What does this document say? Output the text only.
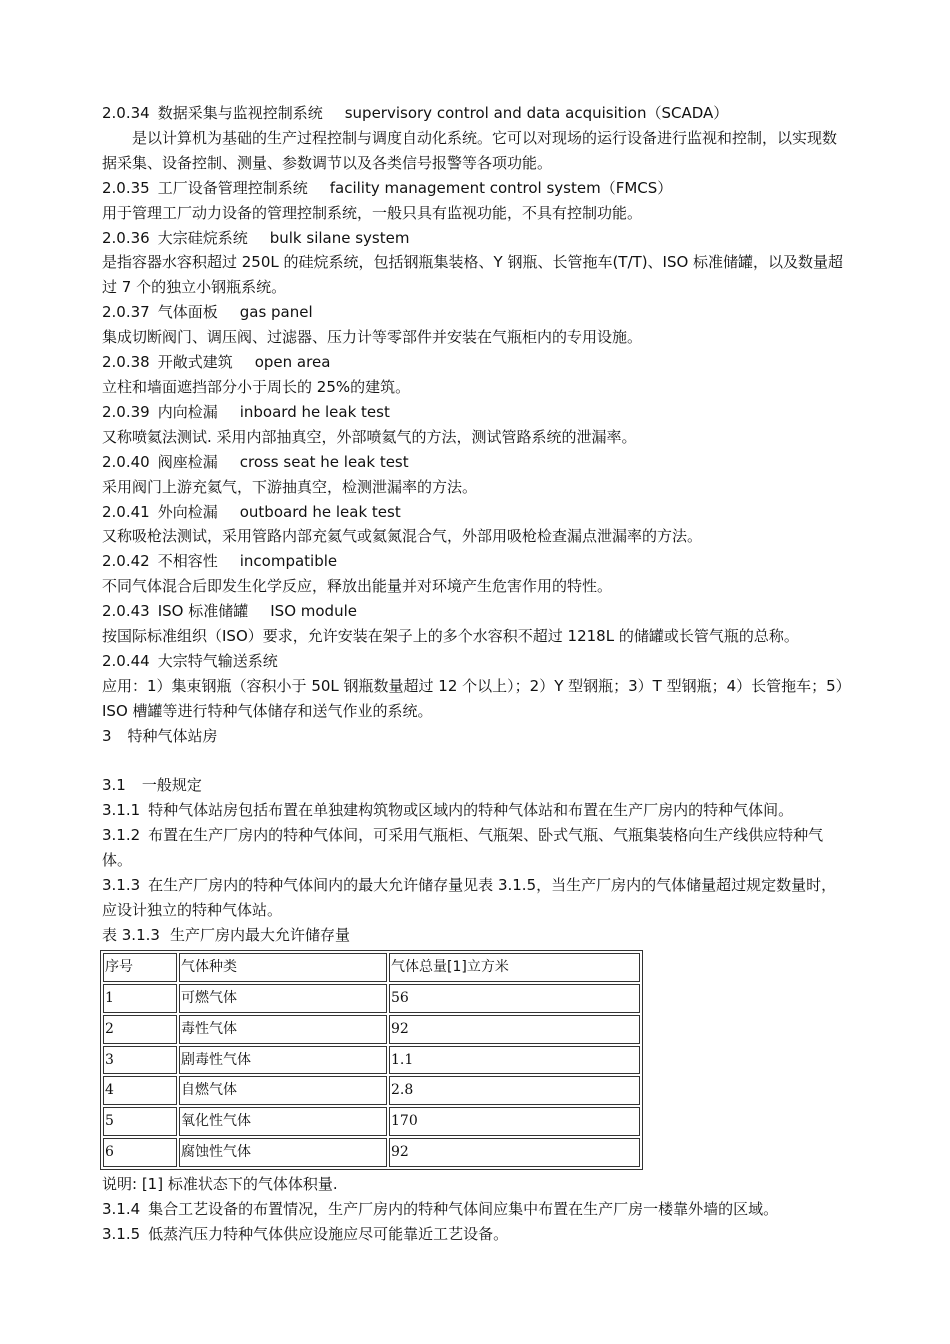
2.0.34 数据采集与监视控制系统 supervisory control and data acquisition（SCADA）
是以计算机为基础的生产过程控制与调度自动化系统。它可以对现场的运行设备进行监视和控制，以实现数据采集、设备控制、测量、参数调节以及各类信号报警等各项功能。
2.0.35 工厂设备管理控制系统 facility management control system（FMCS）
用于管理工厂动力设备的管理控制系统，一般只具有监视功能，不具有控制功能。
2.0.36 大宗硅烷系统 bulk silane system
是指容器水容积超过 250L 的硅烷系统，包括钢瓶集装格、Y 钢瓶、长管拖车(T/T)、ISO 标准储罐，以及数量超过 7 个的独立小钢瓶系统。
2.0.37 气体面板 gas panel
集成切断阀门、调压阀、过滤器、压力计等零部件并安装在气瓶柜内的专用设施。
2.0.38 开敞式建筑 open area
立柱和墙面遮挡部分小于周长的 25%的建筑。
2.0.39 内向检漏 inboard he leak test
又称喷氦法测试. 采用内部抽真空，外部喷氦气的方法，测试管路系统的泄漏率。
2.0.40 阀座检漏 cross seat he leak test
采用阀门上游充氦气，下游抽真空，检测泄漏率的方法。
2.0.41 外向检漏 outboard he leak test
又称吸枪法测试，采用管路内部充氦气或氦氮混合气，外部用吸枪检查漏点泄漏率的方法。
2.0.42 不相容性 incompatible
不同气体混合后即发生化学反应，释放出能量并对环境产生危害作用的特性。
2.0.43 ISO 标准储罐 ISO module
按国际标准组织（ISO）要求，允许安装在架子上的多个水容积不超过 1218L 的储罐或长管气瓶的总称。
2.0.44 大宗特气输送系统
应用：1）集束钢瓶（容积小于 50L 钢瓶数量超过 12 个以上）；2）Y 型钢瓶；3）T 型钢瓶；4）长管拖车；5）ISO 槽罐等进行特种气体储存和送气作业的系统。
3 特种气体站房
3.1 一般规定
3.1.1 特种气体站房包括布置在单独建构筑物或区域内的特种气体站和布置在生产厂房内的特种气体间。
3.1.2 布置在生产厂房内的特种气体间，可采用气瓶柜、气瓶架、卧式气瓶、气瓶集装格向生产线供应特种气体。
3.1.3 在生产厂房内的特种气体间内的最大允许储存量见表 3.1.5，当生产厂房内的气体储量超过规定数量时，应设计独立的特种气体站。
表 3.1.3 生产厂房内最大允许储存量
序号	气体种类	气体总量[1]立方米
1	可燃气体	56
2	毒性气体	92
3	剧毒性气体	1.1
4	自燃气体	2.8
5	氧化性气体	170
6	腐蚀性气体	92
说明: [1] 标准状态下的气体体积量.
3.1.4 集合工艺设备的布置情况，生产厂房内的特种气体间应集中布置在生产厂房一楼靠外墙的区域。
3.1.5 低蒸汽压力特种气体供应设施应尽可能靠近工艺设备。
